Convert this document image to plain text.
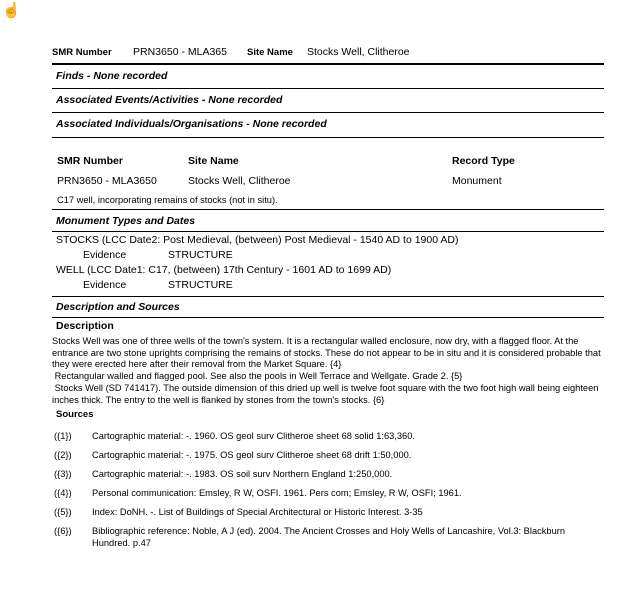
☝
SMR Number PRN3650 - MLA365 Site Name Stocks Well, Clitheroe
Finds - None recorded
Associated Events/Activities - None recorded
Associated Individuals/Organisations - None recorded
SMR Number	Site Name	Record Type
PRN3650 - MLA3650	Stocks Well, Clitheroe	Monument
C17 well, incorporating remains of stocks (not in situ).
Monument Types and Dates
STOCKS (LCC Date2: Post Medieval, (between) Post Medieval - 1540 AD to 1900 AD)
Evidence	STRUCTURE
WELL (LCC Date1: C17, (between) 17th Century - 1601 AD to 1699 AD)
Evidence	STRUCTURE
Description and Sources
Description
Stocks Well was one of three wells of the town's system. It is a rectangular walled enclosure, now dry, with a flagged floor. At the entrance are two stone uprights comprising the remains of stocks. These do not appear to be in situ and it is considered probable that they were erected here after their removal from the Market Square. {4}
Rectangular walled and flagged pool. See also the pools in Well Terrace and Wellgate. Grade 2. {5}
Stocks Well (SD 741417). The outside dimension of this dried up well is twelve foot square with the two foot high wall being eighteen inches thick. The entry to the well is flanked by stones from the town's stocks. {6}
Sources
({1}) Cartographic material: -. 1960. OS geol surv Clitheroe sheet 68 solid 1:63,360.
({2}) Cartographic material: -. 1975. OS geol surv Clitheroe sheet 68 drift 1:50,000.
({3}) Cartographic material: -. 1983. OS soil surv Northern England 1:250,000.
({4}) Personal communication: Emsley, R W, OSFI. 1961. Pers com; Emsley, R W, OSFI; 1961.
({5}) Index: DoNH. -. List of Buildings of Special Architectural or Historic Interest. 3-35
({6}) Bibliographic reference: Noble, A J (ed). 2004. The Ancient Crosses and Holy Wells of Lancashire, Vol.3: Blackburn Hundred. p.47
